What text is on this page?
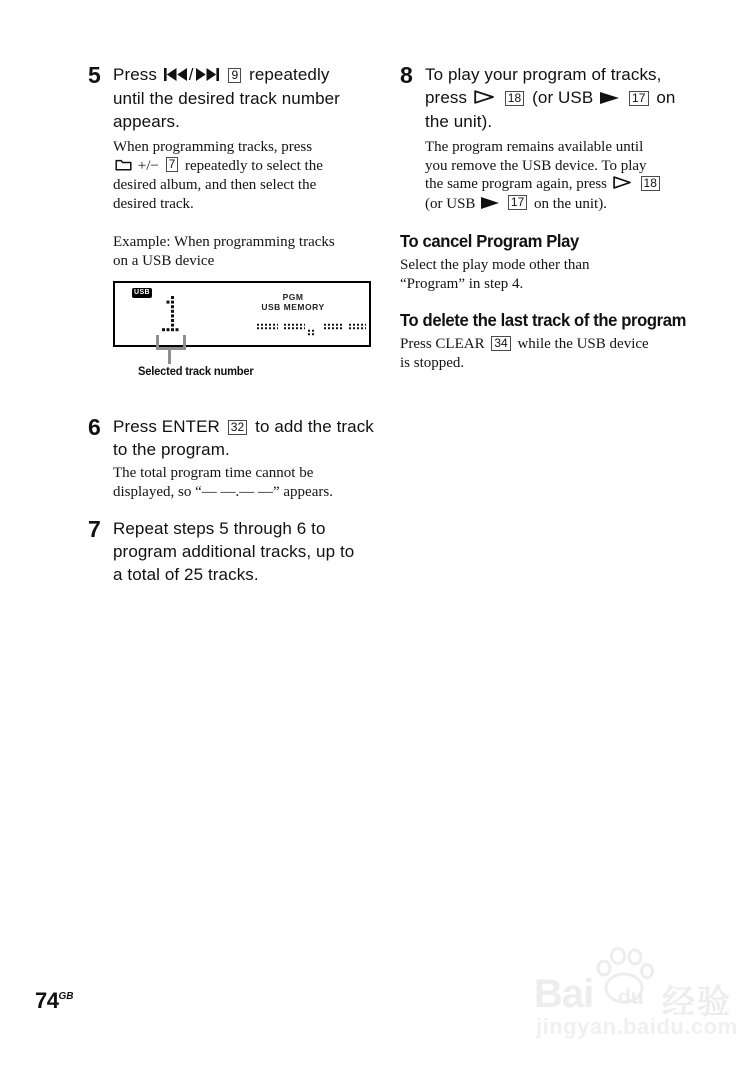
5 Press /	9 repeatedly
until the desired track number
appears.
When programming tracks, press
+/− 7 repeatedly to select the
desired album, and then select the
desired track.
Example: When programming tracks
on a USB device
USB	PGM
USB MEMORY
Selected track number
6 Press ENTER 32 to add the track
to the program.
The total program time cannot be
displayed, so “— —.— —” appears.
7 Repeat steps 5 through 6 to
program additional tracks, up to
a total of 25 tracks.
8 To play your program of tracks,
press	18 (or USB	17 on
the unit).
The program remains available until
you remove the USB device. To play
the same program again, press	18
(or USB	17 on the unit).
To cancel Program Play
Select the play mode other than
“Program” in step 4.
To delete the last track of the program
Press CLEAR 34 while the USB device
is stopped.
$74^{GB}$	Bai du 经验
jingyan.baidu.com
